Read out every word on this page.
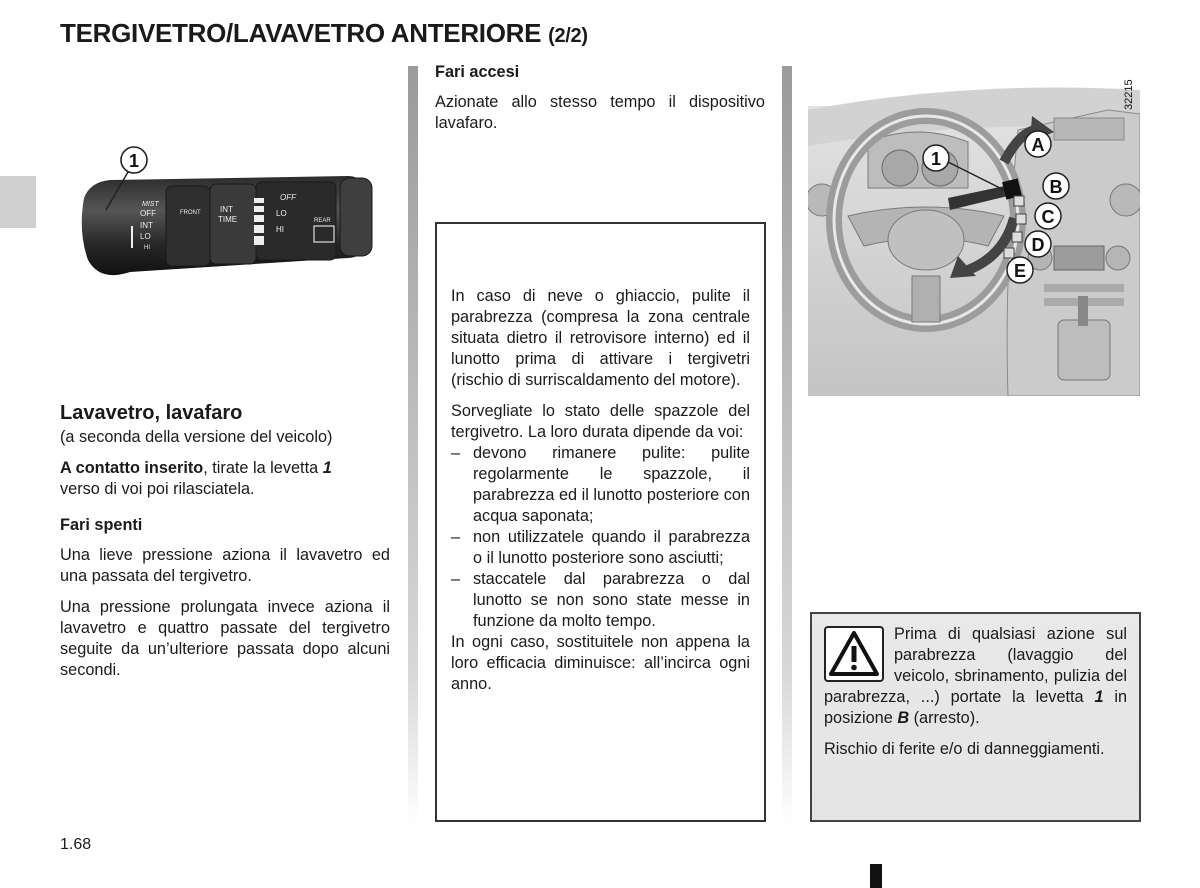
TERGIVETRO/LAVAVETRO ANTERIORE (2/2)
1
MIST
OFF
INT
LO
HI
FRONT INT
TIME
OFF
LO
HI
REAR
Lavavetro, lavafaro

(a seconda della versione del veicolo)

A contatto inserito, tirate la levetta 1
verso di voi poi rilasciatela.

Fari spenti

Una lieve pressione aziona il lavavetro ed una passata del tergivetro.

Una pressione prolungata invece aziona il lavavetro e quattro passate del tergivetro seguite da un’ulteriore passata dopo alcuni secondi.

Fari accesi

Azionate allo stesso tempo il dispositivo lavafaro.

In caso di neve o ghiaccio, pulite il parabrezza (compresa la zona centrale situata dietro il retrovisore interno) ed il lunotto prima di attivare i tergivetri (rischio di surriscaldamento del motore).

Sorvegliate lo stato delle spazzole del tergivetro. La loro durata dipende da voi:

– devono rimanere pulite: pulite regolarmente le spazzole, il parabrezza ed il lunotto posteriore con acqua saponata;
– non utilizzatele quando il parabrezza o il lunotto posteriore sono asciutti;
– staccatele dal parabrezza o dal lunotto se non sono state messe in funzione da molto tempo.

In ogni caso, sostituitele non appena la loro efficacia diminuisce: all’incirca ogni anno.

1
A
B
C
D
E
32215

Prima di qualsiasi azione sul parabrezza (lavaggio del veicolo, sbrinamento, pulizia del parabrezza, ...) portate la levetta 1 in posizione B (arresto).

Rischio di ferite e/o di danneggiamenti.

1.68
